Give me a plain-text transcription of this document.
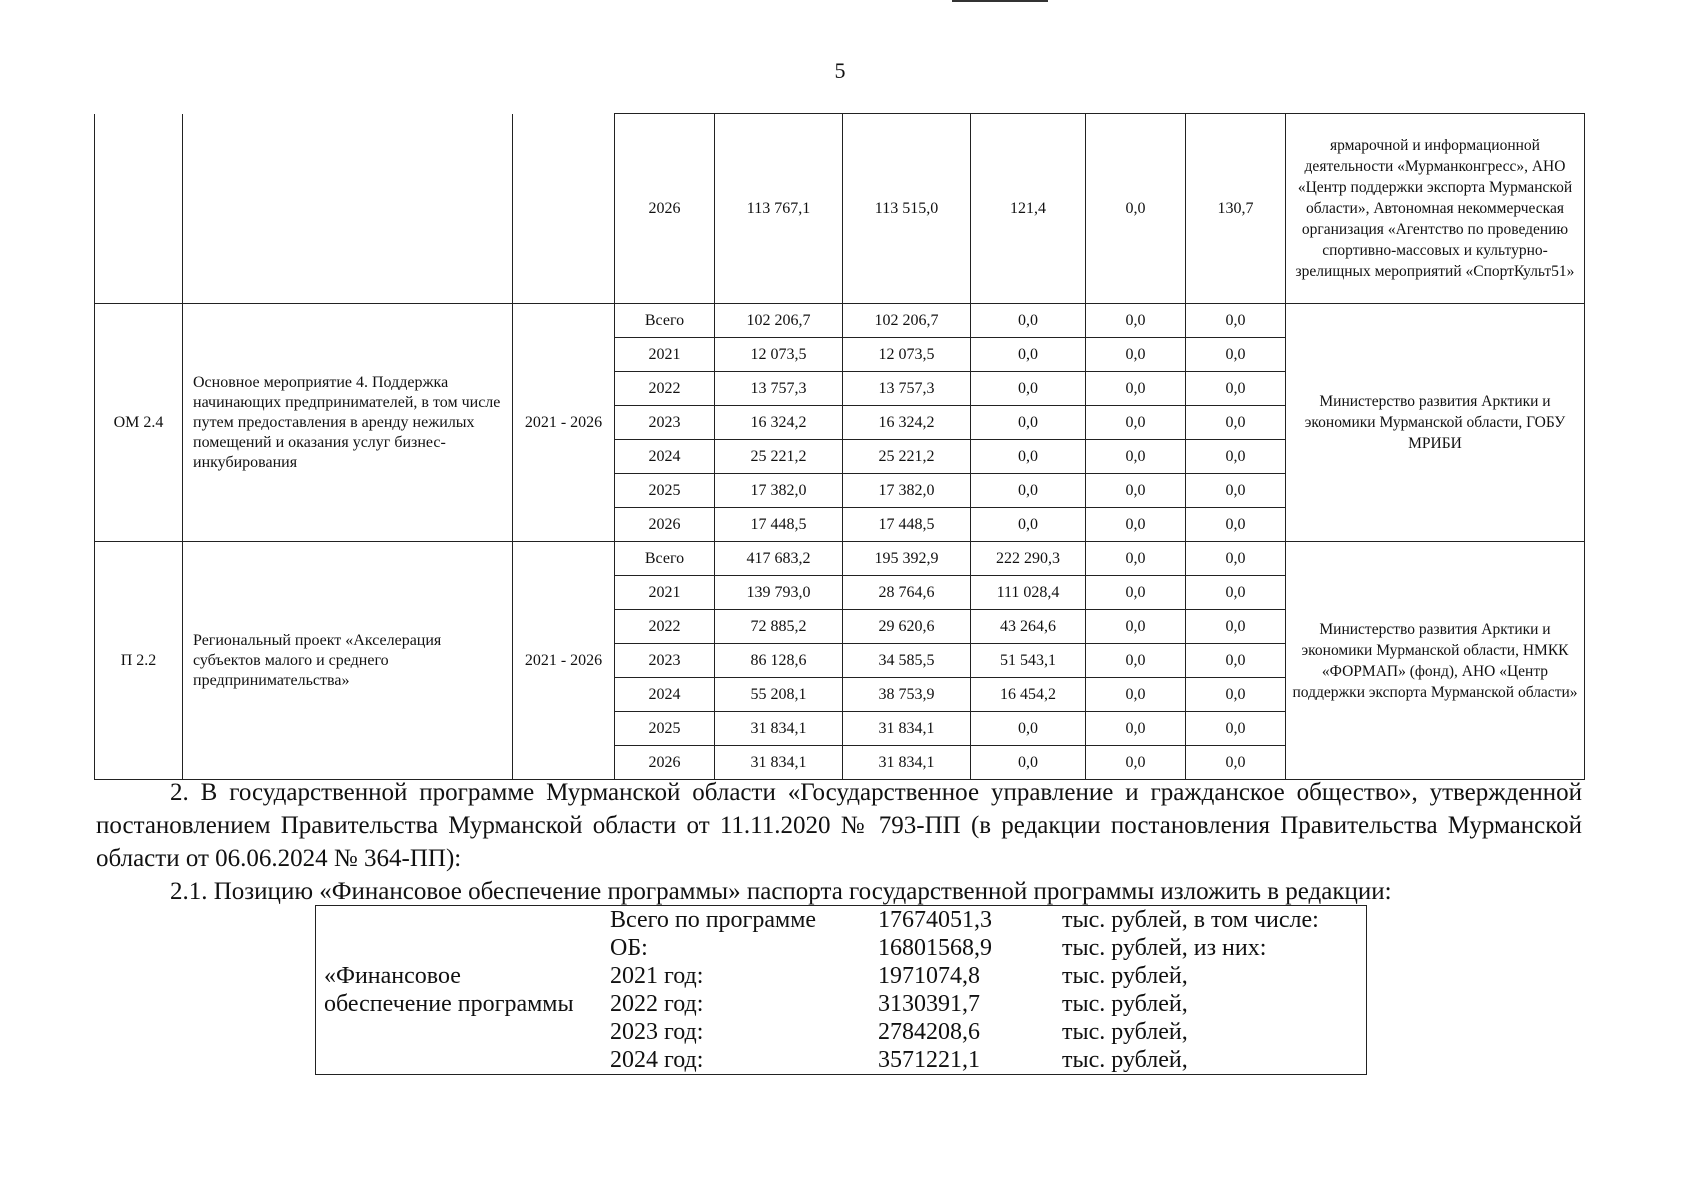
5
			2026	113 767,1	113 515,0	121,4	0,0	130,7	ярмарочной и информационной деятельности «Мурманконгресс», АНО «Центр поддержки экспорта Мурманской области», Автономная некоммерческая организация «Агентство по проведению спортивно-массовых и культурно-зрелищных мероприятий «СпортКульт51»
ОМ 2.4	Основное мероприятие 4. Поддержка начинающих предпринимателей, в том числе путем предоставления в аренду нежилых помещений и оказания услуг бизнес-инкубирования	2021 - 2026	Всего	102 206,7	102 206,7	0,0	0,0	0,0	Министерство развития Арктики и экономики Мурманской области, ГОБУ МРИБИ
			2021	12 073,5	12 073,5	0,0	0,0	0,0	
			2022	13 757,3	13 757,3	0,0	0,0	0,0	
			2023	16 324,2	16 324,2	0,0	0,0	0,0	
			2024	25 221,2	25 221,2	0,0	0,0	0,0	
			2025	17 382,0	17 382,0	0,0	0,0	0,0	
			2026	17 448,5	17 448,5	0,0	0,0	0,0	
П 2.2	Региональный проект «Акселерация субъектов малого и среднего предпринимательства»	2021 - 2026	Всего	417 683,2	195 392,9	222 290,3	0,0	0,0	Министерство развития Арктики и экономики Мурманской области, НМКК «ФОРМАП» (фонд), АНО «Центр поддержки экспорта Мурманской области»
			2021	139 793,0	28 764,6	111 028,4	0,0	0,0	
			2022	72 885,2	29 620,6	43 264,6	0,0	0,0	
			2023	86 128,6	34 585,5	51 543,1	0,0	0,0	
			2024	55 208,1	38 753,9	16 454,2	0,0	0,0	
			2025	31 834,1	31 834,1	0,0	0,0	0,0	
			2026	31 834,1	31 834,1	0,0	0,0	0,0	
2. В государственной программе Мурманской области «Государственное управление и гражданское общество», утвержденной постановлением Правительства Мурманской области от 11.11.2020 № 793-ПП (в редакции постановления Правительства Мурманской области от 06.06.2024 № 364-ПП):
2.1. Позицию «Финансовое обеспечение программы» паспорта государственной программы изложить в редакции:
«Финансовое
обеспечение программы	Всего по программе	17674051,3	тыс. рублей, в том числе:
	ОБ:	16801568,9	тыс. рублей, из них:
	2021 год:	1971074,8	тыс. рублей,
	2022 год:	3130391,7	тыс. рублей,
	2023 год:	2784208,6	тыс. рублей,
	2024 год:	3571221,1	тыс. рублей,
